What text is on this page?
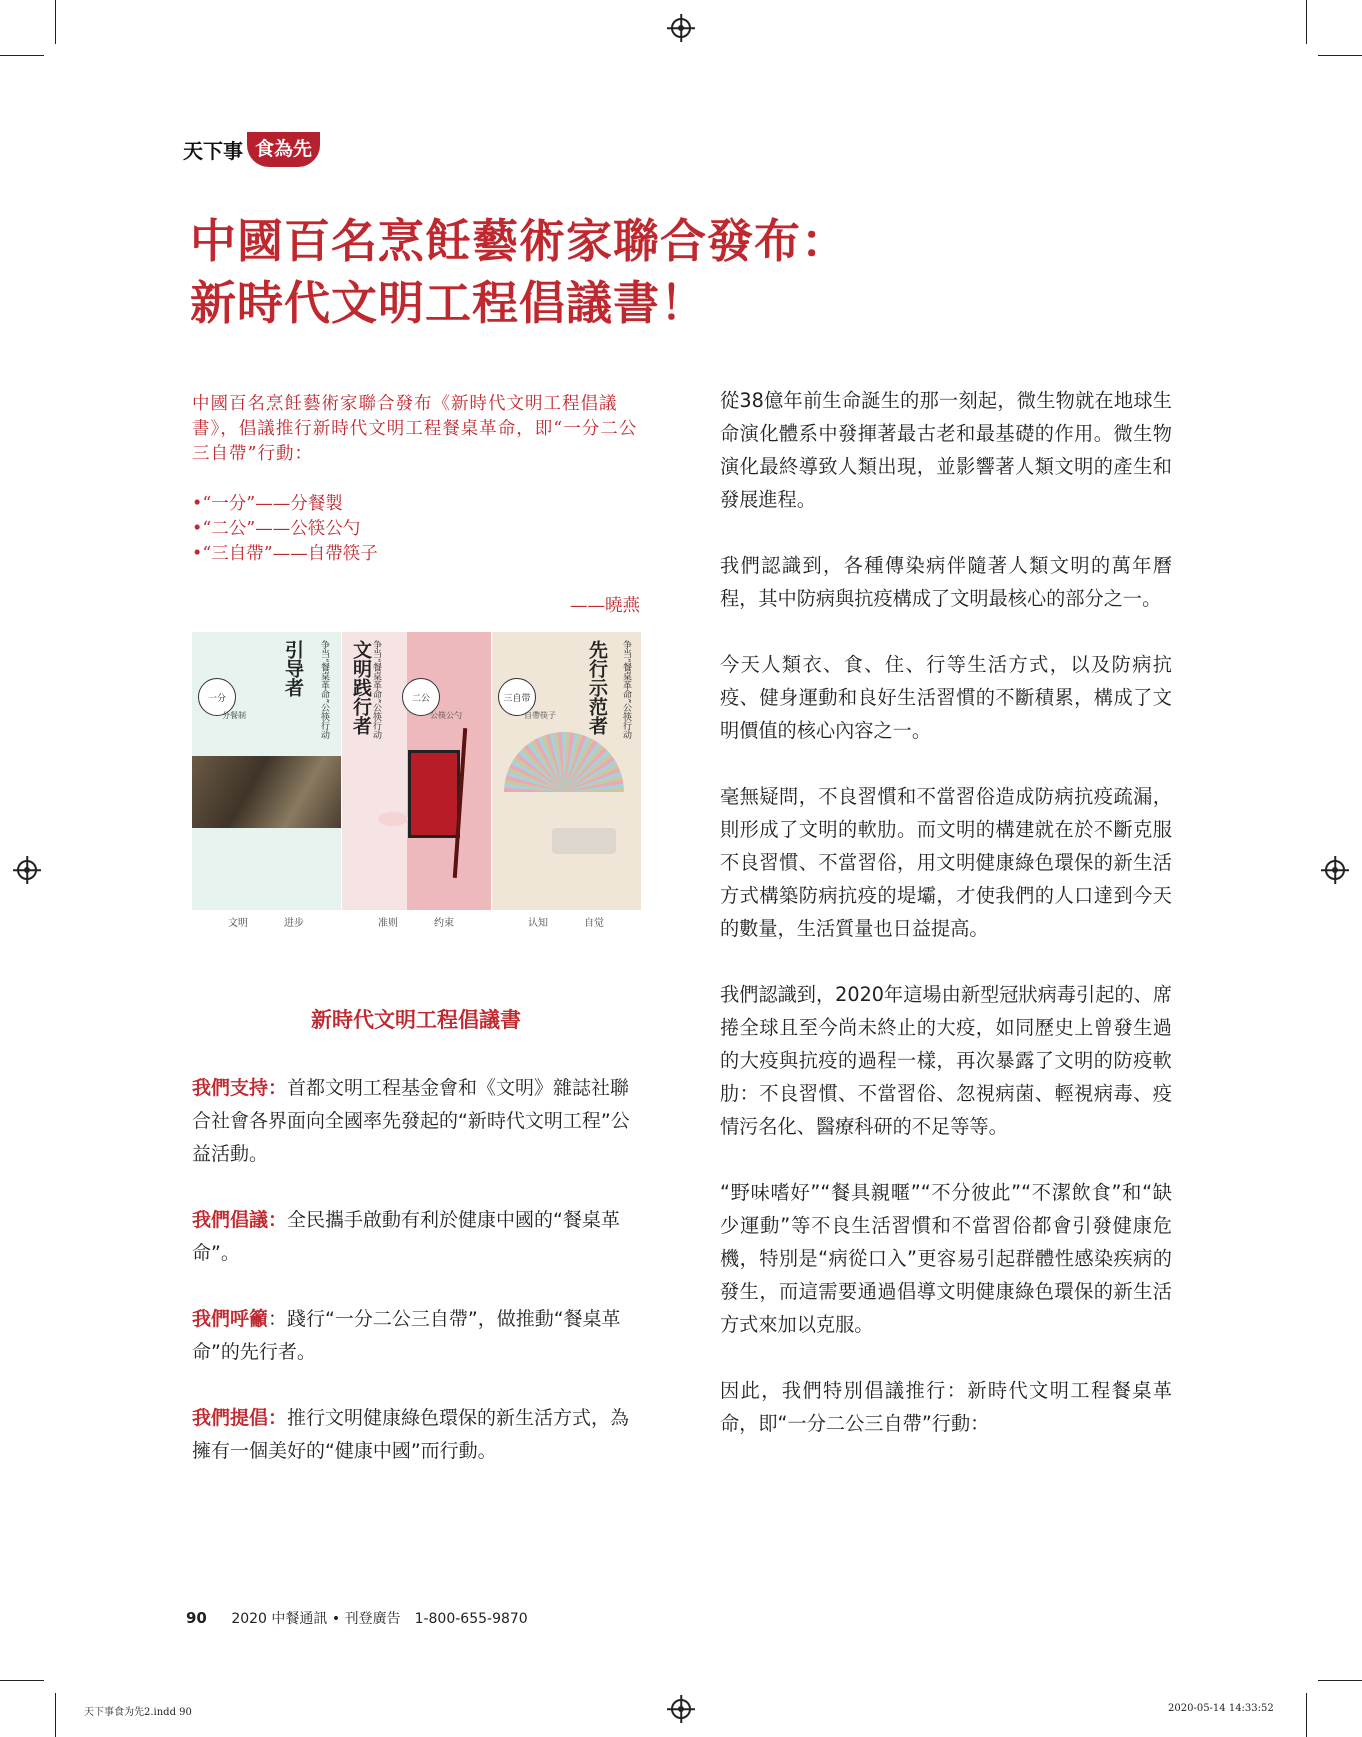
天下事 食為先
中國百名烹飪藝術家聯合發布：
新時代文明工程倡議書！
中國百名烹飪藝術家聯合發布《新時代文明工程倡議書》，倡議推行新時代文明工程餐桌革命，即“一分二公三自帶”行動：
•“一分”——分餐製
•“二公”——公筷公勺
•“三自帶”——自帶筷子
——曉燕
引导者	争当“餐桌革命”公筷行动
一分
分餐制
文明	进步
文明践行者 争当“餐桌革命”公筷行动	二公
公筷公勺
准则	约束
先行示范者	争当“餐桌革命”公筷行动
三自带
自帶筷子
认知	自觉
新時代文明工程倡議書

我們支持：首都文明工程基金會和《文明》雜誌社聯合社會各界面向全國率先發起的“新時代文明工程”公益活動。

我們倡議：全民攜手啟動有利於健康中國的“餐桌革命”。

我們呼籲：踐行“一分二公三自帶”，做推動“餐桌革命”的先行者。

我們提倡：推行文明健康綠色環保的新生活方式，為擁有一個美好的“健康中國”而行動。

從38億年前生命誕生的那一刻起，微生物就在地球生命演化體系中發揮著最古老和最基礎的作用。微生物演化最終導致人類出現，並影響著人類文明的產生和發展進程。

我們認識到，各種傳染病伴隨著人類文明的萬年曆程，其中防病與抗疫構成了文明最核心的部分之一。

今天人類衣、食、住、行等生活方式，以及防病抗疫、健身運動和良好生活習慣的不斷積累，構成了文明價值的核心內容之一。

毫無疑問，不良習慣和不當習俗造成防病抗疫疏漏，則形成了文明的軟肋。而文明的構建就在於不斷克服不良習慣、不當習俗，用文明健康綠色環保的新生活方式構築防病抗疫的堤壩，才使我們的人口達到今天的數量，生活質量也日益提高。

我們認識到，2020年這場由新型冠狀病毒引起的、席捲全球且至今尚未終止的大疫，如同歷史上曾發生過的大疫與抗疫的過程一樣，再次暴露了文明的防疫軟肋：不良習慣、不當習俗、忽視病菌、輕視病毒、疫情污名化、醫療科研的不足等等。

“野味嗜好”“餐具親暱”“不分彼此”“不潔飲食”和“缺少運動”等不良生活習慣和不當習俗都會引發健康危機，特別是“病從口入”更容易引起群體性感染疾病的發生，而這需要通過倡導文明健康綠色環保的新生活方式來加以克服。

因此，我們特別倡議推行：新時代文明工程餐桌革命，即“一分二公三自帶”行動：

90 2020 中餐通訊 • 刊登廣告　1-800-655-9870
天下事食为先2.indd 90	2020-05-14 14:33:52
